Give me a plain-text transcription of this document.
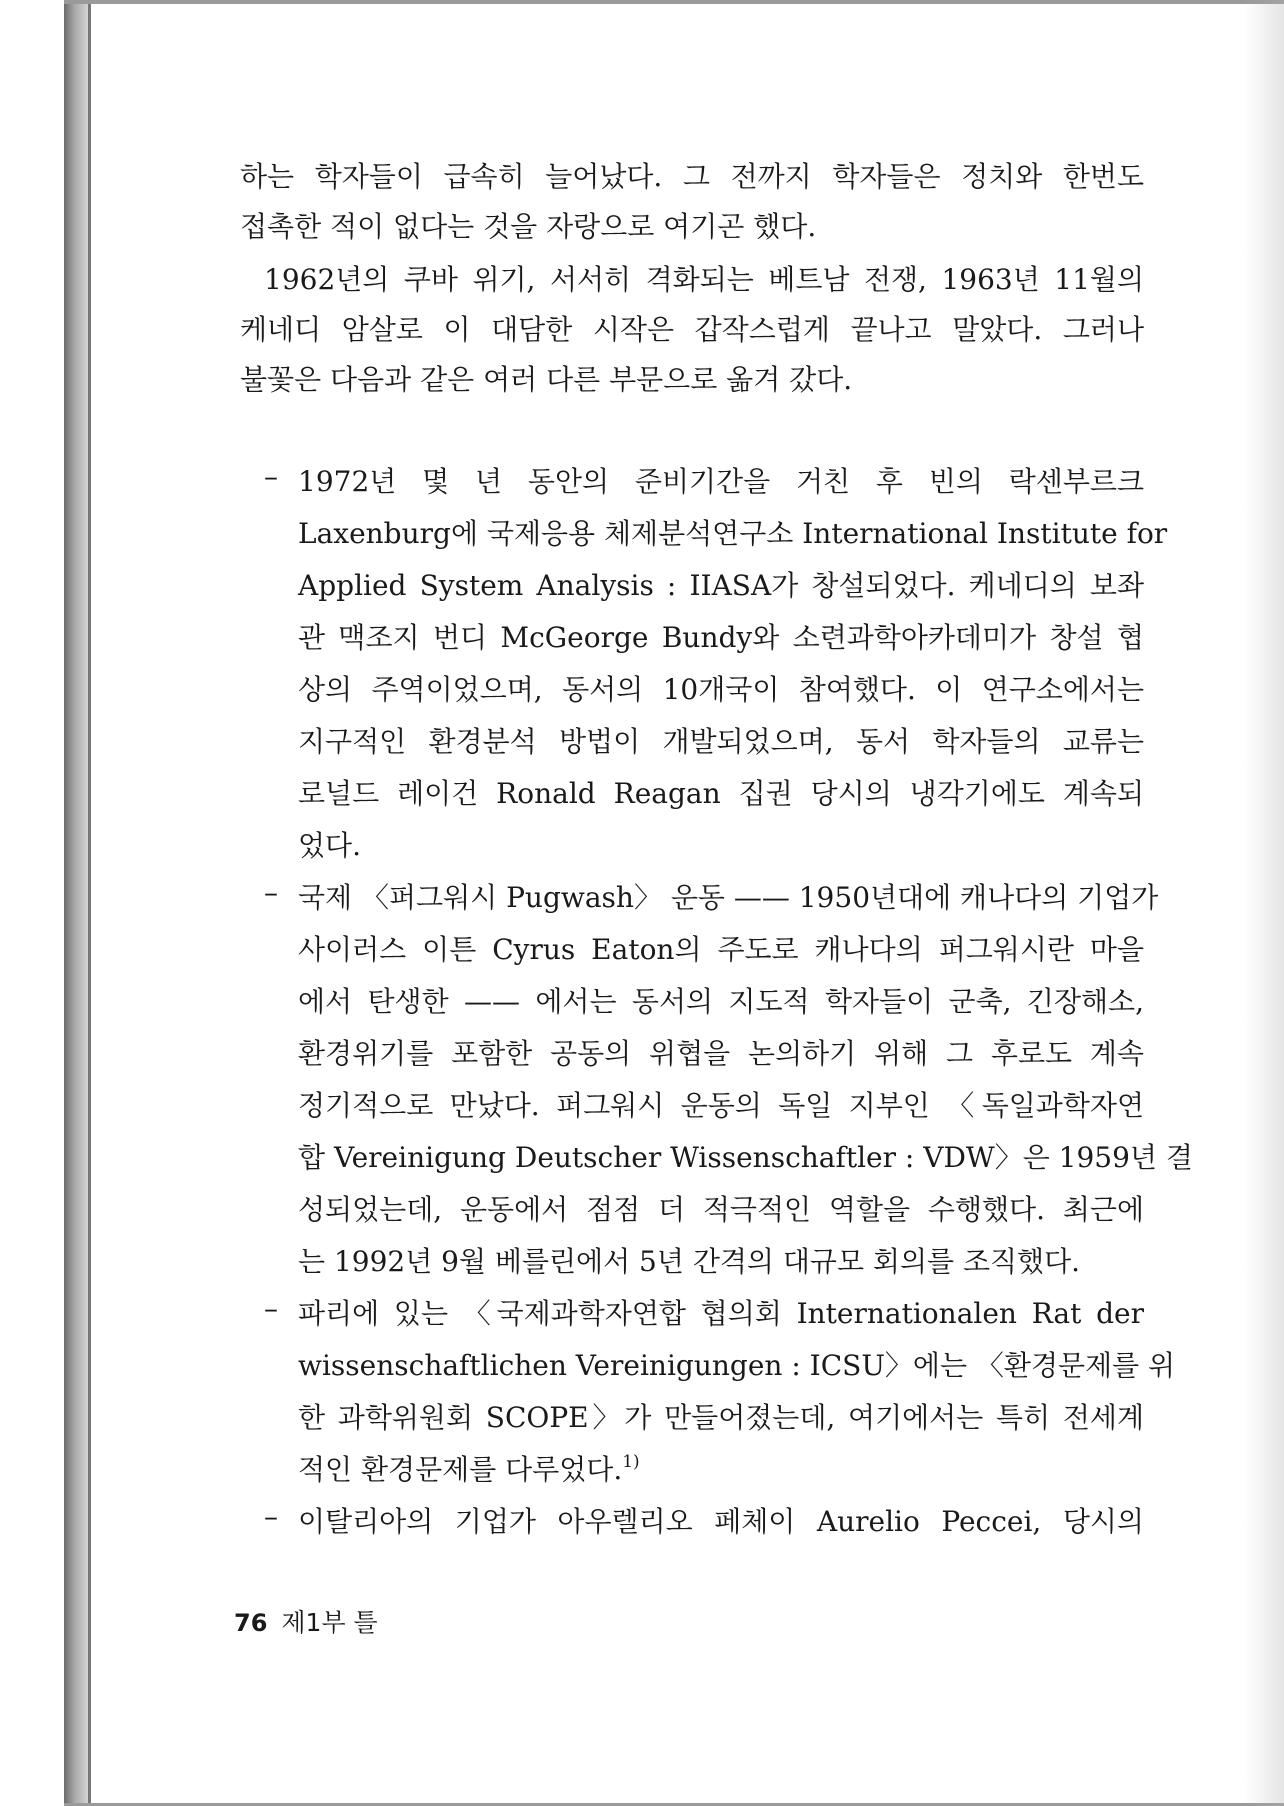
하는 학자들이 급속히 늘어났다. 그 전까지 학자들은 정치와 한번도
접촉한 적이 없다는 것을 자랑으로 여기곤 했다.
1962년의 쿠바 위기, 서서히 격화되는 베트남 전쟁, 1963년 11월의
케네디 암살로 이 대담한 시작은 갑작스럽게 끝나고 말았다. 그러나
불꽃은 다음과 같은 여러 다른 부문으로 옮겨 갔다.
– 1972년 몇 년 동안의 준비기간을 거친 후 빈의 락센부르크
Laxenburg에 국제응용 체제분석연구소 International Institute for
Applied System Analysis : IIASA가 창설되었다. 케네디의 보좌
관 맥조지 번디 McGeorge Bundy와 소련과학아카데미가 창설 협
상의 주역이었으며, 동서의 10개국이 참여했다. 이 연구소에서는
지구적인 환경분석 방법이 개발되었으며, 동서 학자들의 교류는
로널드 레이건 Ronald Reagan 집권 당시의 냉각기에도 계속되
었다.
– 국제 〈퍼그워시 Pugwash〉 운동 —— 1950년대에 캐나다의 기업가
사이러스 이튼 Cyrus Eaton의 주도로 캐나다의 퍼그워시란 마을
에서 탄생한 —— 에서는 동서의 지도적 학자들이 군축, 긴장해소,
환경위기를 포함한 공동의 위협을 논의하기 위해 그 후로도 계속
정기적으로 만났다. 퍼그워시 운동의 독일 지부인 〈독일과학자연
합 Vereinigung Deutscher Wissenschaftler : VDW〉은 1959년 결
성되었는데, 운동에서 점점 더 적극적인 역할을 수행했다. 최근에
는 1992년 9월 베를린에서 5년 간격의 대규모 회의를 조직했다.
– 파리에 있는 〈국제과학자연합 협의회 Internationalen Rat der
wissenschaftlichen Vereinigungen : ICSU〉에는 〈환경문제를 위
한 과학위원회 SCOPE〉가 만들어졌는데, 여기에서는 특히 전세계
적인 환경문제를 다루었다.$^{1)}$
– 이탈리아의 기업가 아우렐리오 페체이 Aurelio Peccei, 당시의
76 제1부 틀
